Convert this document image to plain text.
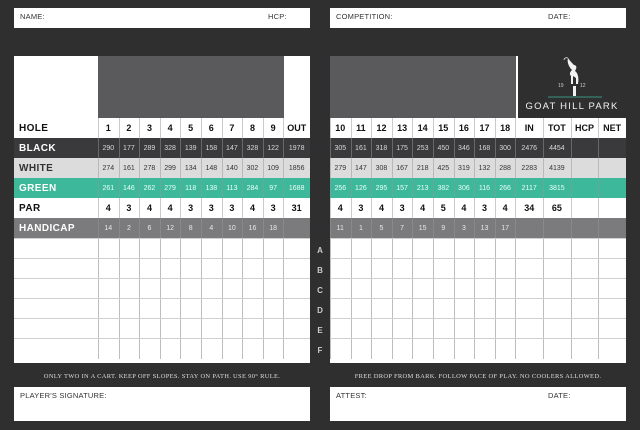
NAME:	HCP:	COMPETITION:	DATE:
LUD'S JUNIOR'S THE AVIARY THE POINT PALOMAR RALPH'S FREEWAY HOLE THE ALLEY UZ
HOLE	1	2	3	4	5	6	7	8	9	OUT
BLACK	290	177	289	328	139	158	147	328	122	1978
WHITE	274	161	278	299	134	148	140	302	109	1856
GREEN	261	146	262	279	118	138	113	284	97	1688
PAR	4	3	4	4	3	3	3	4	3	31
HANDICAP	14	2	6	12	8	4	10	16	18
19	12
GOAT HILL PARK
HAWK'S REALM NEMESIS THE SHOOT CROSSROADS THE RISE THE PAR FIVE THE PLANK ELKS GREENBRIER
10	11	12	13	14	15	16	17	18	IN	TOT	HCP	NET
305	161	318	175	253	450	346	168	300	2476	4454
279	147	308	167	218	425	319	132	288	2283	4139
256	126	295	157	213	382	306	116	266	2117	3815
4	3	4	3	4	5	4	3	4	34	65
11	1	5	7	15	9	3	13	17
A
B
C
D
E
F
ONLY TWO IN A CART. KEEP OFF SLOPES. STAY ON PATH. USE 90° RULE.	FREE DROP FROM BARK. FOLLOW PACE OF PLAY. NO COOLERS ALLOWED.
PLAYER'S SIGNATURE:	ATTEST:	DATE:
